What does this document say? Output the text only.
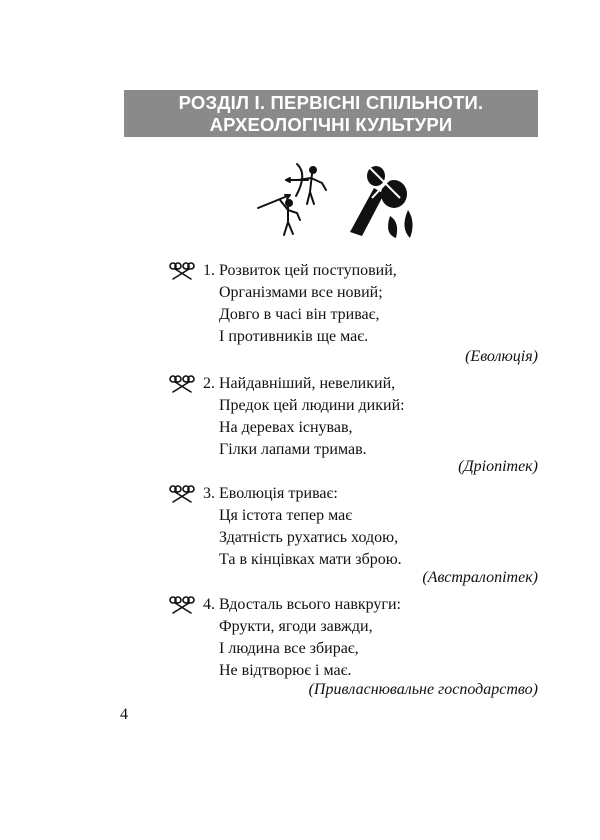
РОЗДІЛ І. ПЕРВІСНІ СПІЛЬНОТИ.
АРХЕОЛОГІЧНІ КУЛЬТУРИ
1. Розвиток цей поступовий,
Організмами все новий;
Довго в часі він триває,
І противників ще має.
(Еволюція)
2. Найдавніший, невеликий,
Предок цей людини дикий:
На деревах існував,
Гілки лапами тримав.
(Дріопітек)
3. Еволюція триває:
Ця істота тепер має
Здатність рухатись ходою,
Та в кінцівках мати зброю.
(Австралопітек)
4. Вдосталь всього навкруги:
Фрукти, ягоди завжди,
І людина все збирає,
Не відтворює і має.
(Привласнювальне господарство)
4
